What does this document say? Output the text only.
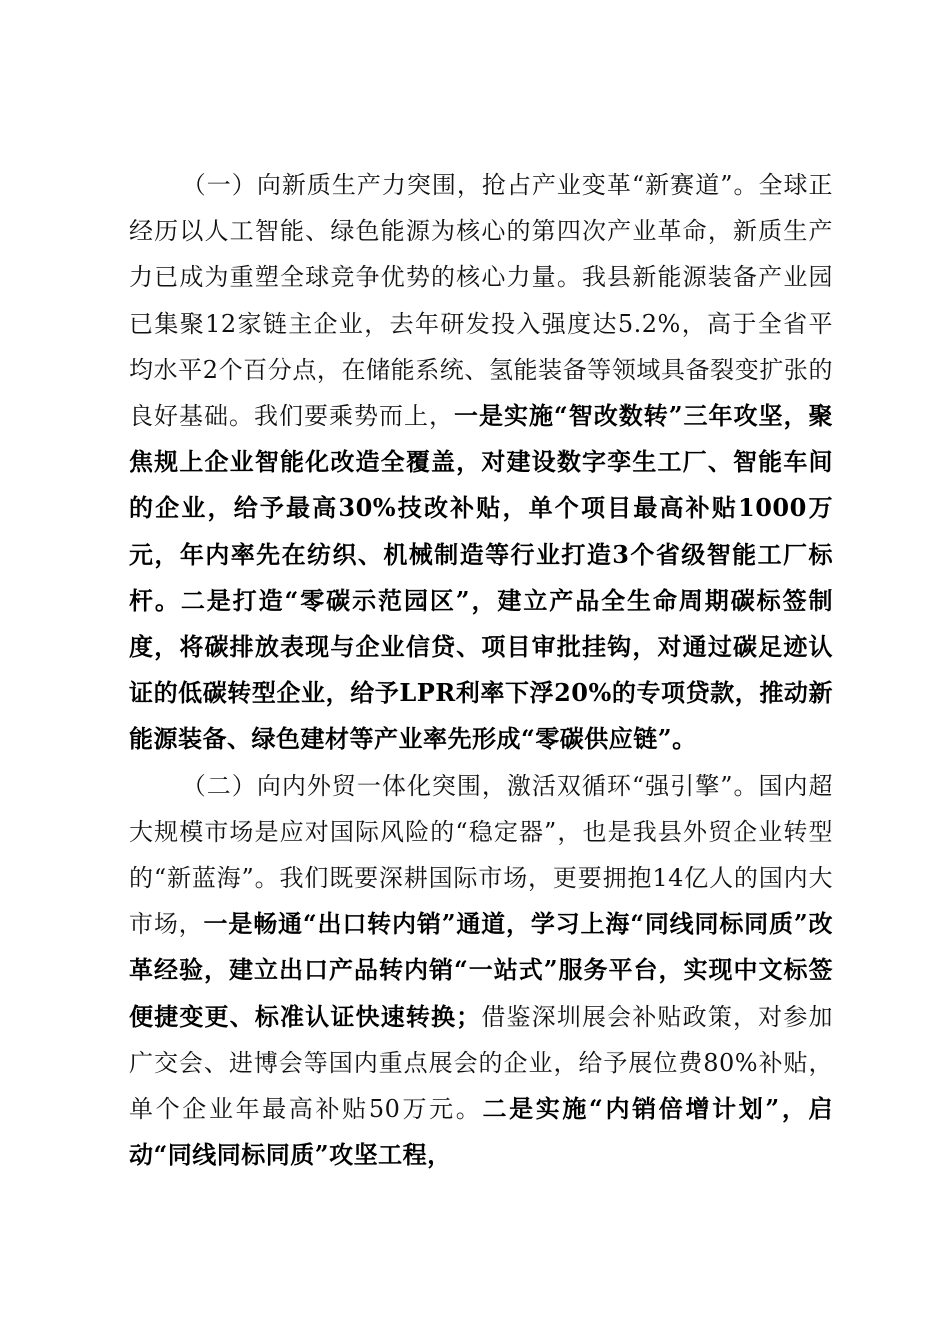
（一）向新质生产力突围，抢占产业变革“新赛道”。全球正经历以人工智能、绿色能源为核心的第四次产业革命，新质生产力已成为重塑全球竞争优势的核心力量。我县新能源装备产业园已集聚12家链主企业，去年研发投入强度达5.2%，高于全省平均水平2个百分点，在储能系统、氢能装备等领域具备裂变扩张的良好基础。我们要乘势而上，一是实施“智改数转”三年攻坚，聚焦规上企业智能化改造全覆盖，对建设数字孪生工厂、智能车间的企业，给予最高30%技改补贴，单个项目最高补贴1000万元，年内率先在纺织、机械制造等行业打造3个省级智能工厂标杆。二是打造“零碳示范园区”，建立产品全生命周期碳标签制度，将碳排放表现与企业信贷、项目审批挂钩，对通过碳足迹认证的低碳转型企业，给予LPR利率下浮20%的专项贷款，推动新能源装备、绿色建材等产业率先形成“零碳供应链”。

（二）向内外贸一体化突围，激活双循环“强引擎”。国内超大规模市场是应对国际风险的“稳定器”，也是我县外贸企业转型的“新蓝海”。我们既要深耕国际市场，更要拥抱14亿人的国内大市场，一是畅通“出口转内销”通道，学习上海“同线同标同质”改革经验，建立出口产品转内销“一站式”服务平台，实现中文标签便捷变更、标准认证快速转换；借鉴深圳展会补贴政策，对参加广交会、进博会等国内重点展会的企业，给予展位费80%补贴，单个企业年最高补贴50万元。二是实施“内销倍增计划”，启动“同线同标同质”攻坚工程，
